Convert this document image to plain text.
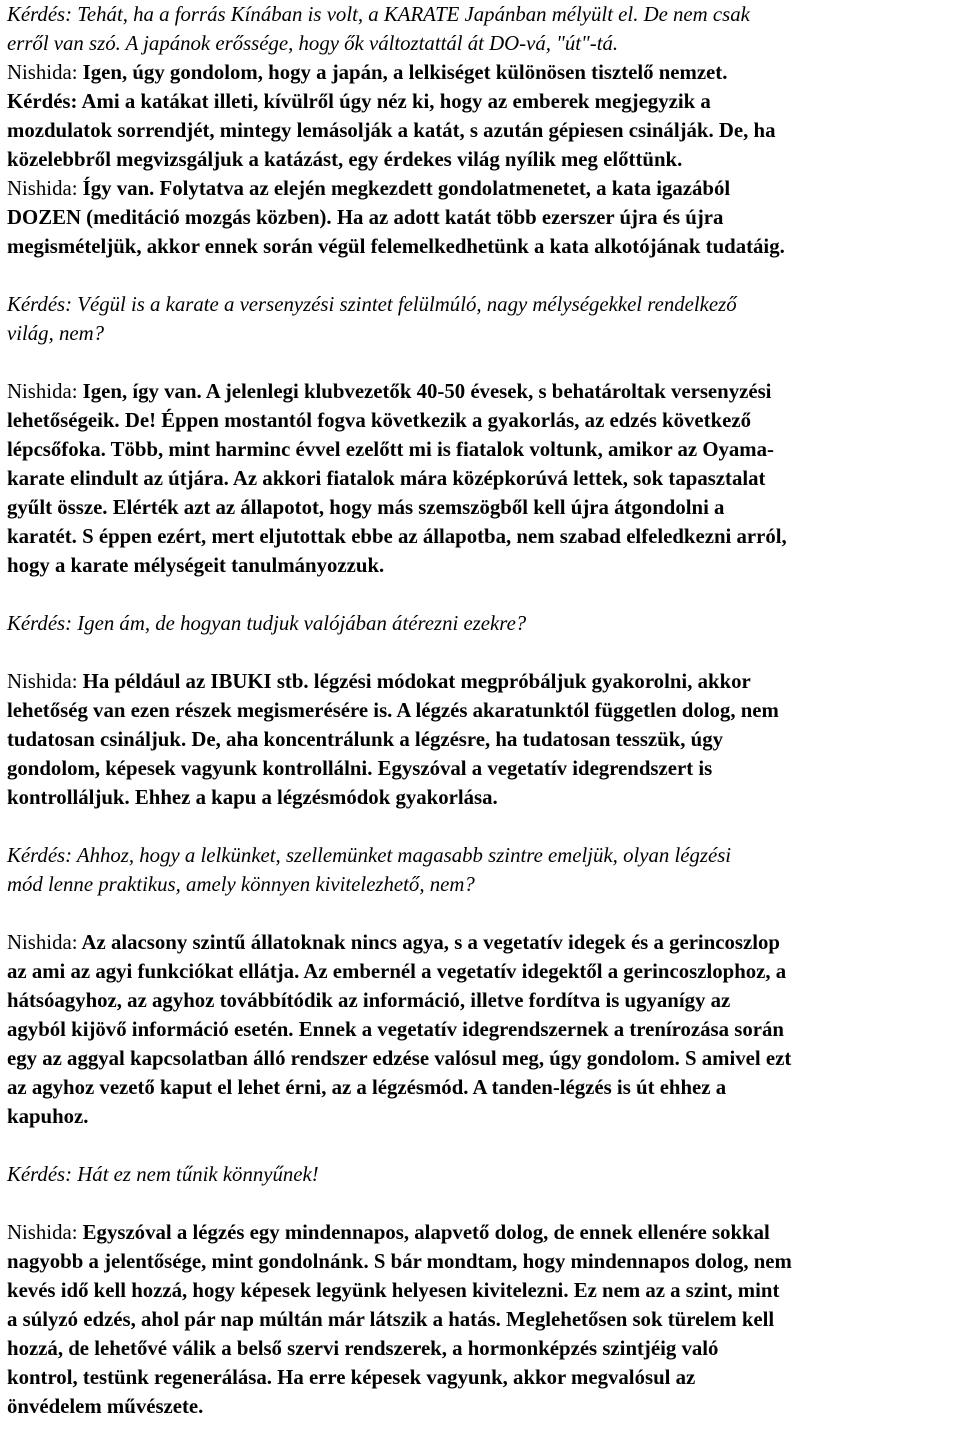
Kérdés: Tehát, ha a forrás Kínában is volt, a KARATE Japánban mélyült el. De nem csak
erről van szó. A japánok erőssége, hogy ők változtattál át DO-vá, "út"-tá.
Nishida: Igen, úgy gondolom, hogy a japán, a lelkiséget különösen tisztelő nemzet.
Kérdés: Ami a katákat illeti, kívülről úgy néz ki, hogy az emberek megjegyzik a
mozdulatok sorrendjét, mintegy lemásolják a katát, s azután gépiesen csinálják. De, ha
közelebbről megvizsgáljuk a katázást, egy érdekes világ nyílik meg előttünk.
Nishida: Így van. Folytatva az elején megkezdett gondolatmenetet, a kata igazából
DOZEN (meditáció mozgás közben). Ha az adott katát több ezerszer újra és újra
megismételjük, akkor ennek során végül felemelkedhetünk a kata alkotójának tudatáig.
Kérdés: Végül is a karate a versenyzési szintet felülmúló, nagy mélységekkel rendelkező
világ, nem?
Nishida: Igen, így van. A jelenlegi klubvezetők 40-50 évesek, s behatároltak versenyzési
lehetőségeik. De! Éppen mostantól fogva következik a gyakorlás, az edzés következő
lépcsőfoka. Több, mint harminc évvel ezelőtt mi is fiatalok voltunk, amikor az Oyama-
karate elindult az útjára. Az akkori fiatalok mára középkorúvá lettek, sok tapasztalat
gyűlt össze. Elérték azt az állapotot, hogy más szemszögből kell újra átgondolni a
karatét. S éppen ezért, mert eljutottak ebbe az állapotba, nem szabad elfeledkezni arról,
hogy a karate mélységeit tanulmányozzuk.
Kérdés: Igen ám, de hogyan tudjuk valójában átérezni ezekre?
Nishida: Ha például az IBUKI stb. légzési módokat megpróbáljuk gyakorolni, akkor
lehetőség van ezen részek megismerésére is. A légzés akaratunktól független dolog, nem
tudatosan csináljuk. De, aha koncentrálunk a légzésre, ha tudatosan tesszük, úgy
gondolom, képesek vagyunk kontrollálni. Egyszóval a vegetatív idegrendszert is
kontrolláljuk. Ehhez a kapu a légzésmódok gyakorlása.
Kérdés: Ahhoz, hogy a lelkünket, szellemünket magasabb szintre emeljük, olyan légzési
mód lenne praktikus, amely könnyen kivitelezhető, nem?
Nishida: Az alacsony szintű állatoknak nincs agya, s a vegetatív idegek és a gerincoszlop
az ami az agyi funkciókat ellátja. Az embernél a vegetatív idegektől a gerincoszlophoz, a
hátsóagyhoz, az agyhoz továbbítódik az információ, illetve fordítva is ugyanígy az
agyból kijövő információ esetén. Ennek a vegetatív idegrendszernek a trenírozása során
egy az aggyal kapcsolatban álló rendszer edzése valósul meg, úgy gondolom. S amivel ezt
az agyhoz vezető kaput el lehet érni, az a légzésmód. A tanden-légzés is út ehhez a
kapuhoz.
Kérdés: Hát ez nem tűnik könnyűnek!
Nishida: Egyszóval a légzés egy mindennapos, alapvető dolog, de ennek ellenére sokkal
nagyobb a jelentősége, mint gondolnánk. S bár mondtam, hogy mindennapos dolog, nem
kevés idő kell hozzá, hogy képesek legyünk helyesen kivitelezni. Ez nem az a szint, mint
a súlyzó edzés, ahol pár nap múltán már látszik a hatás. Meglehetősen sok türelem kell
hozzá, de lehetővé válik a belső szervi rendszerek, a hormonképzés szintjéig való
kontrol, testünk regenerálása. Ha erre képesek vagyunk, akkor megvalósul az
önvédelem művészete.
